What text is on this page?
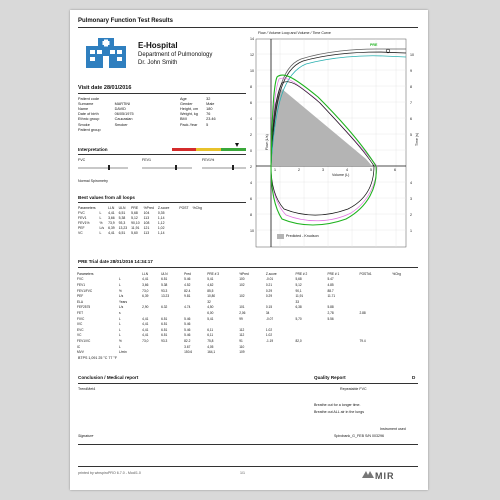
Pulmonary Function Test Results
E-Hospital
Department of Pulmonology
Dr. John Smith
Visit date 28/01/2016
Patient code	
Surname	MARTINI
Name	DAVID
Date of birth	06/05/1975
Ethnic group	Caucasian
Smoke	Smoker
Patient group	
Age	32
Gender	Male
Height, cm	180
Weight, kg	76
BMI	23.46
Pack-Year	5
Interpretation
FVC	FEV1	FEV1%
Normal Spirometry
Best values from all loops
Parameters		LLN	ULN	PRE	%Pred	Z-score	POST	%Chg
FVC	L	4,41	6,51	5,68	104	0,35		
FEV1	L	3,66	5,38	5,12	113	1,14		
FEV1%	%	73,9	93,3	90,10	108	1,12		
PEF	L/s	6,39	13,23	11,91	121	1,02		
VC	L	4,41	6,51	5,60	113	1,14		
Flow / Volume Loop and Volume / Time Curve
14
12
10
8
6
4
2
0
2
4
6
8
10
1	2	3	4	5	6
10
9
8
7
6
5
4
3
2
1
Flow (L/s)
Volume (L)
Time (s)
PRE
Predicted - Knudson
PRE Trial date 28/01/2016 14:34:17
Parameters		LLN	ULN	Pred	PRE # 3	%Pred	Z-score	PRE # 2	PRE # 1	POST#1	%Chg
FVC	L	4,41	6.51	5.46	5,41	100	-0.01	5,68	5.47		
FEV1	L	3,66	5.38	4.52	4,62	102	0.21	5,12	4.85		
FEV1/FVC	%	73,0	93.3	82.4	85,5		0.29	90,1	88.7		
PEF	L/s	6,39	13.23	9.81	10,80	102	0.29	11,91	11.71		
ELA	Years				32			33			
FEF2575	L/s	2,90	6.32	4.74	4,50	101	0.15	6,38	5.88		
FET	s				6,00	2,06	34		2,78	2.88	
FIVC	L	4,41	6.51	5.46	5,41	99	-0.07	5,70	5.56		
IVC	L	4,41	6.51	5.46							
EVC	L	4,41	6.51	5.46	6,11	112	1.02				
VC	L	4,41	6.51	5.46	6,11	112	1.02				
FEV1/VC	%	73,0	93.3	82.2	75,8	91	-1.19	82,0		79.4	
IC	L			3.67	4,05	110					
MVV	L/min			150.6	164,1	109					
BTPS 1,091 25 °C 77 °F
Conclusion / Medical report	Quality Report	D
TrendMet4	Repeatable FVC
Breathe out for a longer time.
Breathe out ALL air in the lungs
Signature
Instrument used
Spirobank_G_FEB S/N 003296
printed by winspiroPRO 6.7.0 - Mod/1.0	1/1	MIR
